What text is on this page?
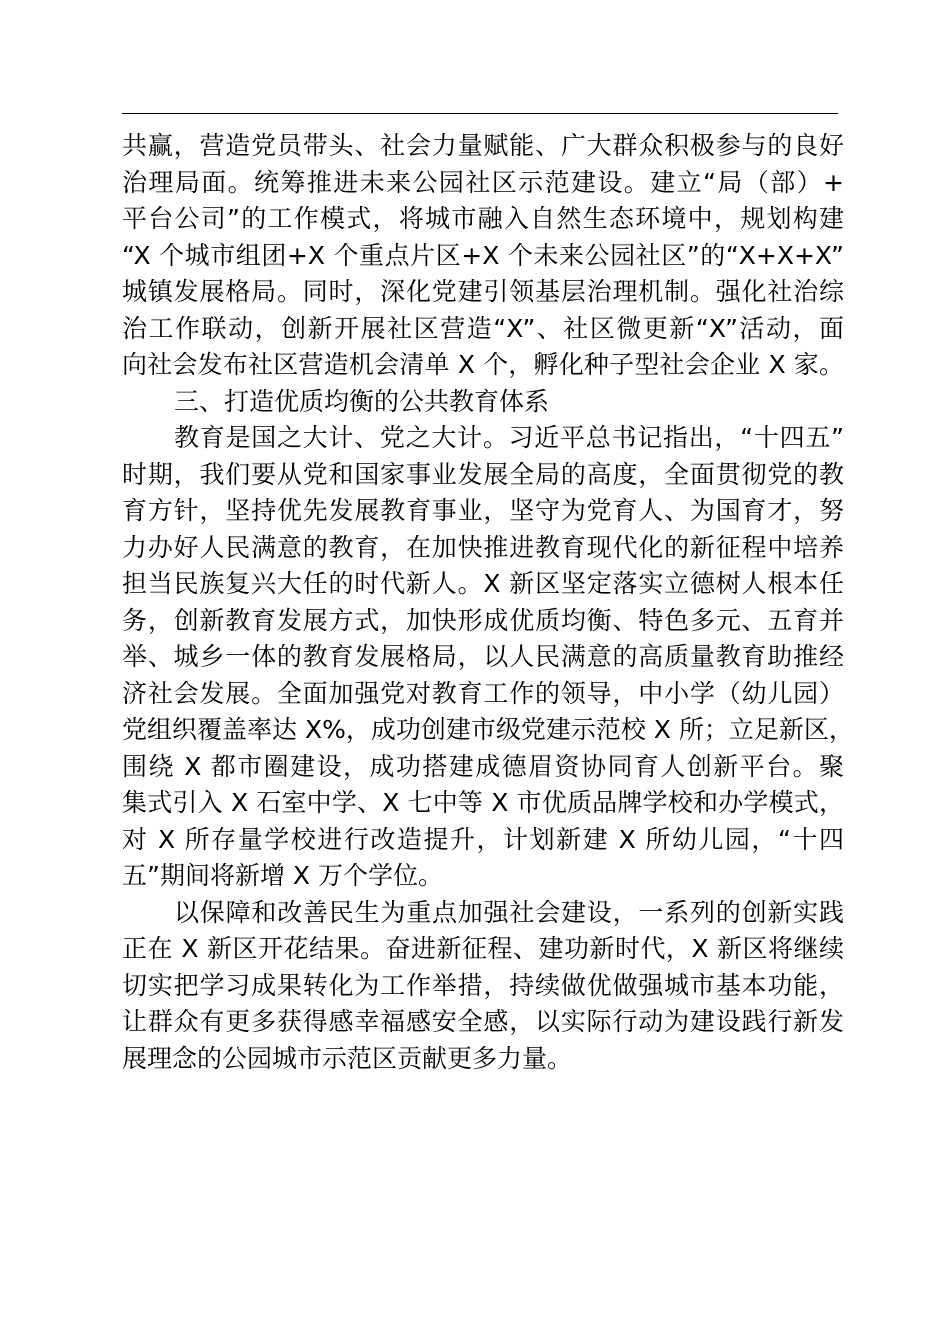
共赢，营造党员带头、社会力量赋能、广大群众积极参与的良好
治理局面。统筹推进未来公园社区示范建设。建立“局（部）+
平台公司”的工作模式，将城市融入自然生态环境中，规划构建
“X 个城市组团+X 个重点片区+X 个未来公园社区”的“X+X+X”
城镇发展格局。同时，深化党建引领基层治理机制。强化社治综
治工作联动，创新开展社区营造“X”、社区微更新“X”活动，面
向社会发布社区营造机会清单 X 个，孵化种子型社会企业 X 家。
三、打造优质均衡的公共教育体系
教育是国之大计、党之大计。习近平总书记指出，“十四五”
时期，我们要从党和国家事业发展全局的高度，全面贯彻党的教
育方针，坚持优先发展教育事业，坚守为党育人、为国育才，努
力办好人民满意的教育，在加快推进教育现代化的新征程中培养
担当民族复兴大任的时代新人。X 新区坚定落实立德树人根本任
务，创新教育发展方式，加快形成优质均衡、特色多元、五育并
举、城乡一体的教育发展格局，以人民满意的高质量教育助推经
济社会发展。全面加强党对教育工作的领导，中小学（幼儿园）
党组织覆盖率达 X%，成功创建市级党建示范校 X 所；立足新区，
围绕 X 都市圈建设，成功搭建成德眉资协同育人创新平台。聚
集式引入 X 石室中学、X 七中等 X 市优质品牌学校和办学模式，
对 X 所存量学校进行改造提升，计划新建 X 所幼儿园，“十四
五”期间将新增 X 万个学位。
以保障和改善民生为重点加强社会建设，一系列的创新实践
正在 X 新区开花结果。奋进新征程、建功新时代，X 新区将继续
切实把学习成果转化为工作举措，持续做优做强城市基本功能，
让群众有更多获得感幸福感安全感，以实际行动为建设践行新发
展理念的公园城市示范区贡献更多力量。
